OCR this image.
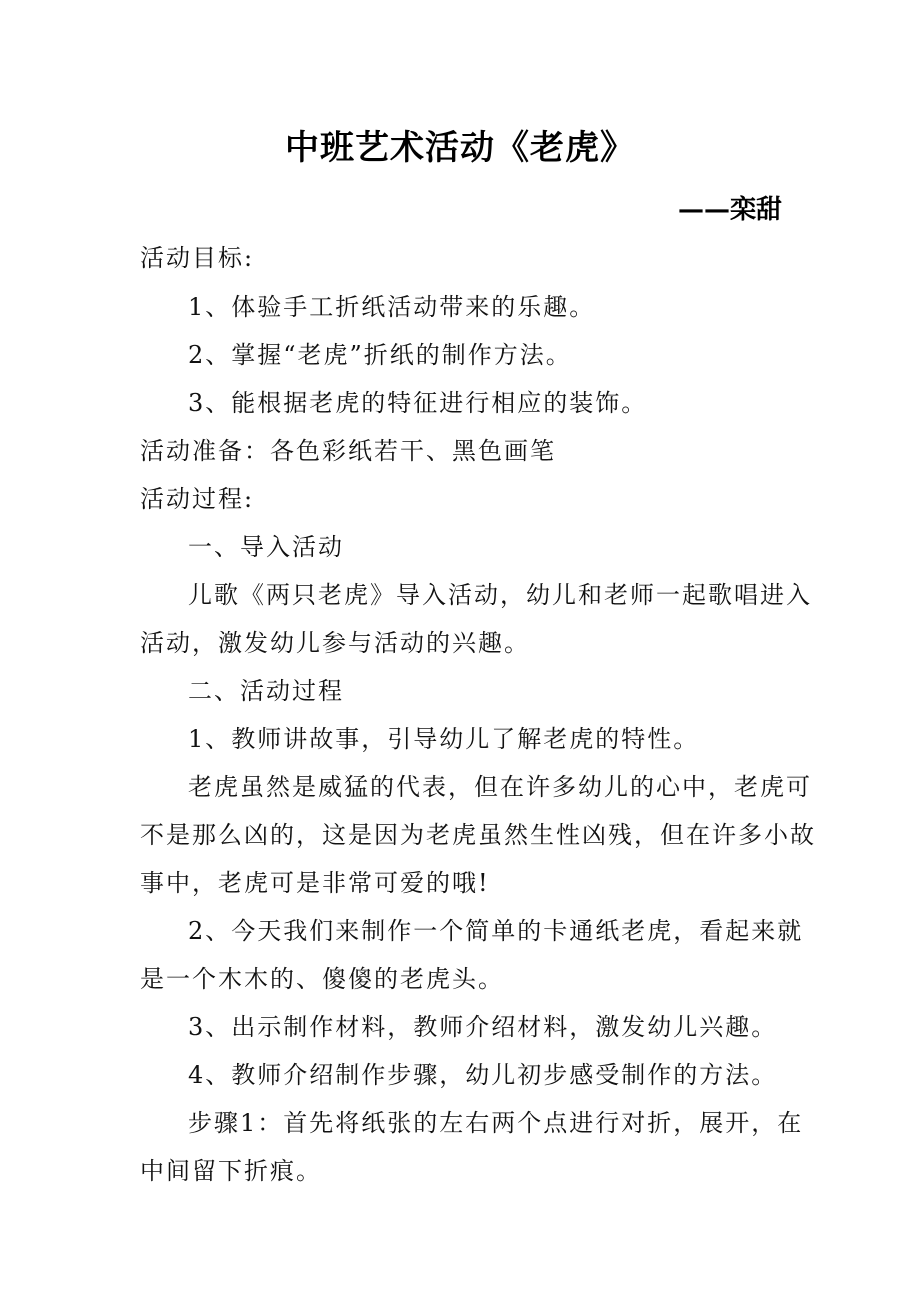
中班艺术活动《老虎》
——栾甜
活动目标:
1、体验手工折纸活动带来的乐趣。
2、掌握“老虎”折纸的制作方法。
3、能根据老虎的特征进行相应的装饰。
活动准备：各色彩纸若干、黑色画笔
活动过程:
一、导入活动
儿歌《两只老虎》导入活动，幼儿和老师一起歌唱进入
活动，激发幼儿参与活动的兴趣。
二、活动过程
1、教师讲故事，引导幼儿了解老虎的特性。
老虎虽然是威猛的代表，但在许多幼儿的心中，老虎可
不是那么凶的，这是因为老虎虽然生性凶残，但在许多小故
事中，老虎可是非常可爱的哦!
2、今天我们来制作一个简单的卡通纸老虎，看起来就
是一个木木的、傻傻的老虎头。
3、出示制作材料，教师介绍材料，激发幼儿兴趣。
4、教师介绍制作步骤，幼儿初步感受制作的方法。
步骤1：首先将纸张的左右两个点进行对折，展开，在
中间留下折痕。
